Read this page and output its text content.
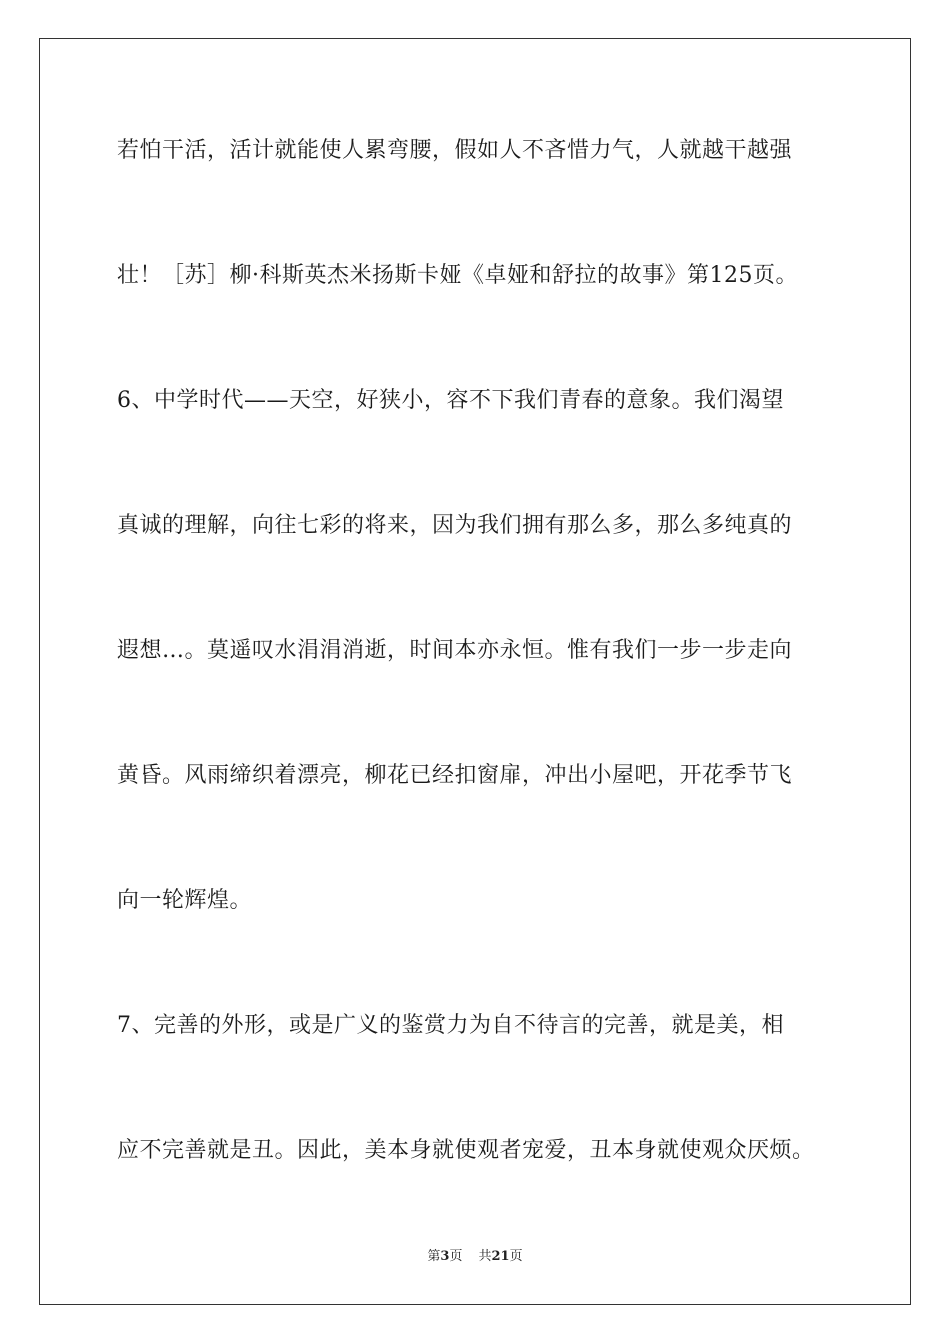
若怕干活，活计就能使人累弯腰，假如人不吝惜力气，人就越干越强
壮！［苏］柳·科斯英杰米扬斯卡娅《卓娅和舒拉的故事》第125页。
6、中学时代——天空，好狭小，容不下我们青春的意象。我们渴望
真诚的理解，向往七彩的将来，因为我们拥有那么多，那么多纯真的
遐想…。莫遥叹水涓涓消逝，时间本亦永恒。惟有我们一步一步走向
黄昏。风雨缔织着漂亮，柳花已经扣窗扉，冲出小屋吧，开花季节飞
向一轮辉煌。
7、完善的外形，或是广义的鉴赏力为自不待言的完善，就是美，相
应不完善就是丑。因此，美本身就使观者宠爱，丑本身就使观众厌烦。
第3页 共21页
